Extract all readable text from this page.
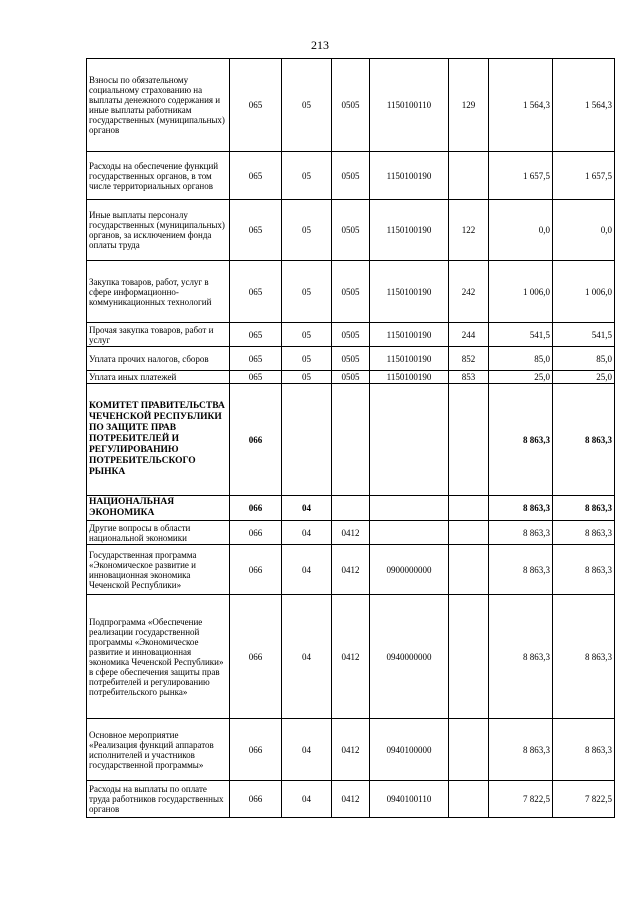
213
Взносы по обязательному социальному страхованию на выплаты денежного содержания и иные выплаты работникам государственных (муниципальных) органов	065	05	0505	1150100110	129	1 564,3	1 564,3
Расходы на обеспечение функций государственных органов, в том числе территориальных органов	065	05	0505	1150100190		1 657,5	1 657,5
Иные выплаты персоналу государственных (муниципальных) органов, за исключением фонда оплаты труда	065	05	0505	1150100190	122	0,0	0,0
Закупка товаров, работ, услуг в сфере информационно-коммуникационных технологий	065	05	0505	1150100190	242	1 006,0	1 006,0
Прочая закупка товаров, работ и услуг	065	05	0505	1150100190	244	541,5	541,5
Уплата прочих налогов, сборов	065	05	0505	1150100190	852	85,0	85,0
Уплата иных платежей	065	05	0505	1150100190	853	25,0	25,0
КОМИТЕТ ПРАВИТЕЛЬСТВА ЧЕЧЕНСКОЙ РЕСПУБЛИКИ ПО ЗАЩИТЕ ПРАВ ПОТРЕБИТЕЛЕЙ И РЕГУЛИРОВАНИЮ ПОТРЕБИТЕЛЬСКОГО РЫНКА	066					8 863,3	8 863,3
НАЦИОНАЛЬНАЯ ЭКОНОМИКА	066	04				8 863,3	8 863,3
Другие вопросы в области национальной экономики	066	04	0412			8 863,3	8 863,3
Государственная программа «Экономическое развитие и инновационная экономика Чеченской Республики»	066	04	0412	0900000000		8 863,3	8 863,3
Подпрограмма «Обеспечение реализации государственной программы «Экономическое развитие и инновационная экономика Чеченской Республики» в сфере обеспечения защиты прав потребителей и регулированию потребительского рынка»	066	04	0412	0940000000		8 863,3	8 863,3
Основное мероприятие «Реализация функций аппаратов исполнителей и участников государственной программы»	066	04	0412	0940100000		8 863,3	8 863,3
Расходы на выплаты по оплате труда работников государственных органов	066	04	0412	0940100110		7 822,5	7 822,5
